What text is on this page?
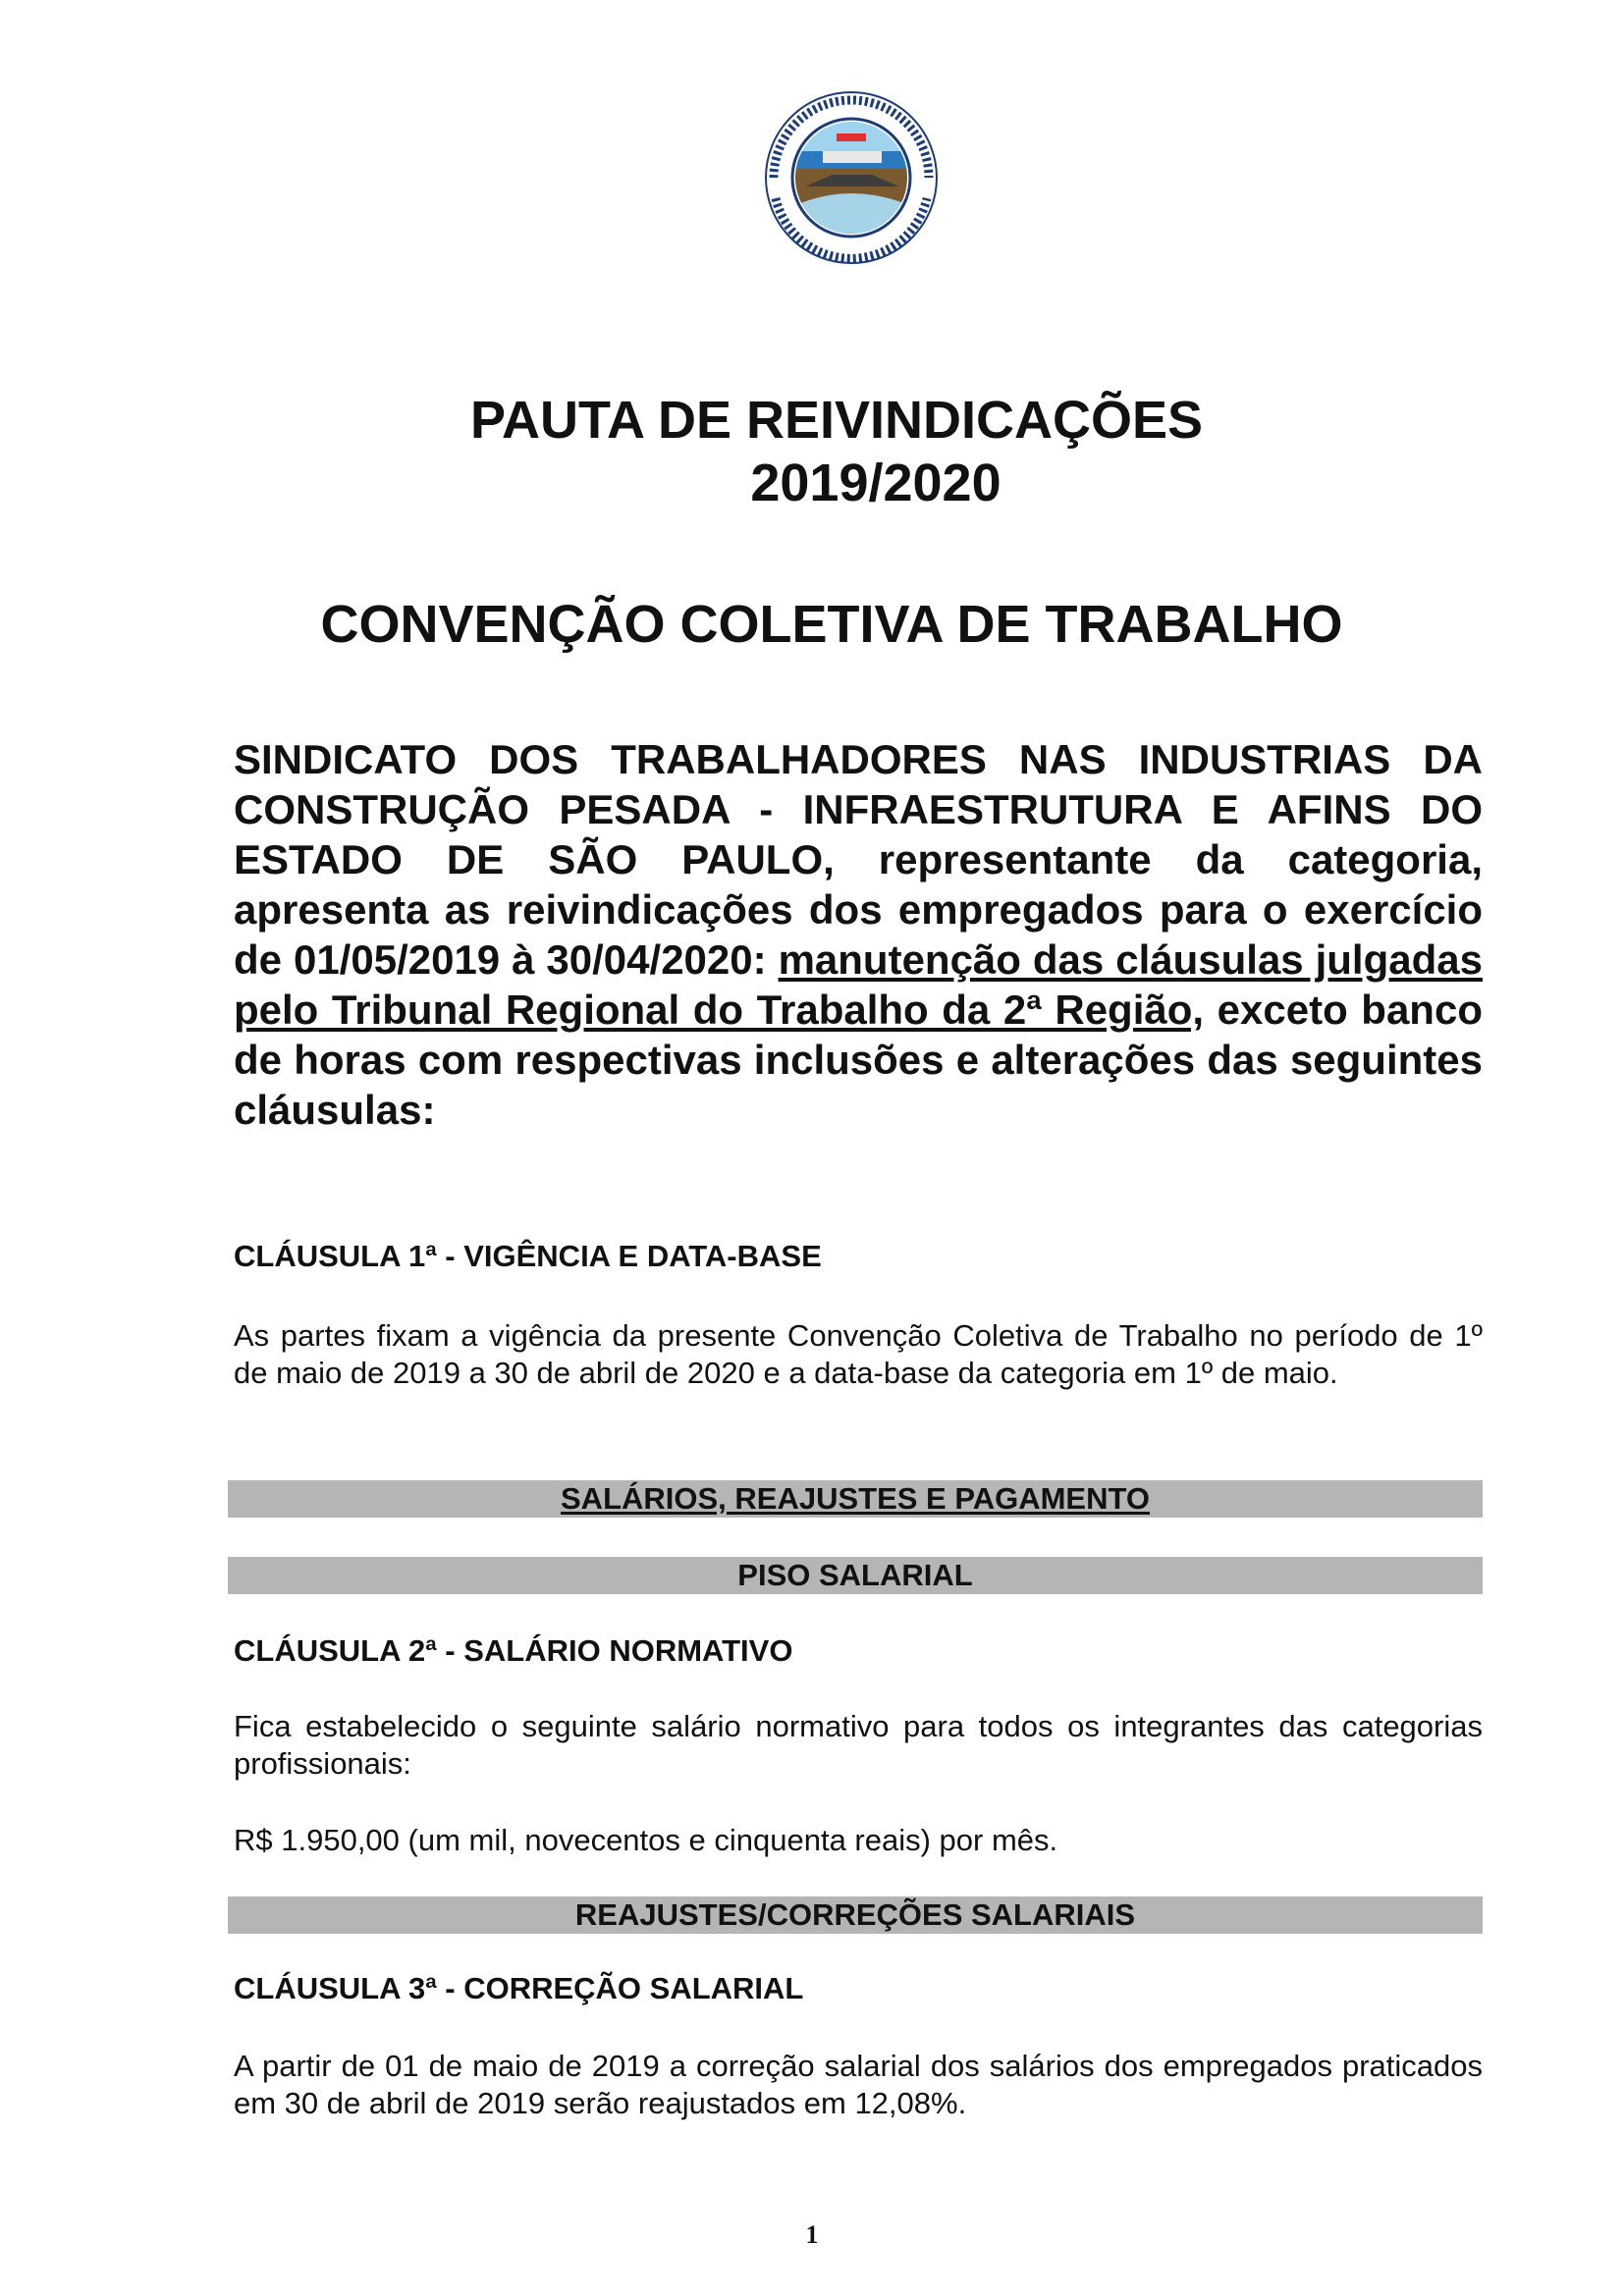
PAUTA DE REIVINDICAÇÕES
2019/2020
CONVENÇÃO COLETIVA DE TRABALHO

SINDICATO DOS TRABALHADORES NAS INDUSTRIAS DA CONSTRUÇÃO PESADA - INFRAESTRUTURA E AFINS DO ESTADO DE SÃO PAULO, representante da categoria, apresenta as reivindicações dos empregados para o exercício de 01/05/2019 à 30/04/2020: manutenção das cláusulas julgadas pelo Tribunal Regional do Trabalho da 2ª Região, exceto banco de horas com respectivas inclusões e alterações das seguintes cláusulas:

CLÁUSULA 1ª - VIGÊNCIA E DATA-BASE

As partes fixam a vigência da presente Convenção Coletiva de Trabalho no período de 1º de maio de 2019 a 30 de abril de 2020 e a data-base da categoria em 1º de maio.

SALÁRIOS, REAJUSTES E PAGAMENTO
PISO SALARIAL
CLÁUSULA 2ª - SALÁRIO NORMATIVO

Fica estabelecido o seguinte salário normativo para todos os integrantes das categorias profissionais:

R$ 1.950,00 (um mil, novecentos e cinquenta reais) por mês.

REAJUSTES/CORREÇÕES SALARIAIS
CLÁUSULA 3ª - CORREÇÃO SALARIAL

A partir de 01 de maio de 2019 a correção salarial dos salários dos empregados praticados em 30 de abril de 2019 serão reajustados em 12,08%.

1
